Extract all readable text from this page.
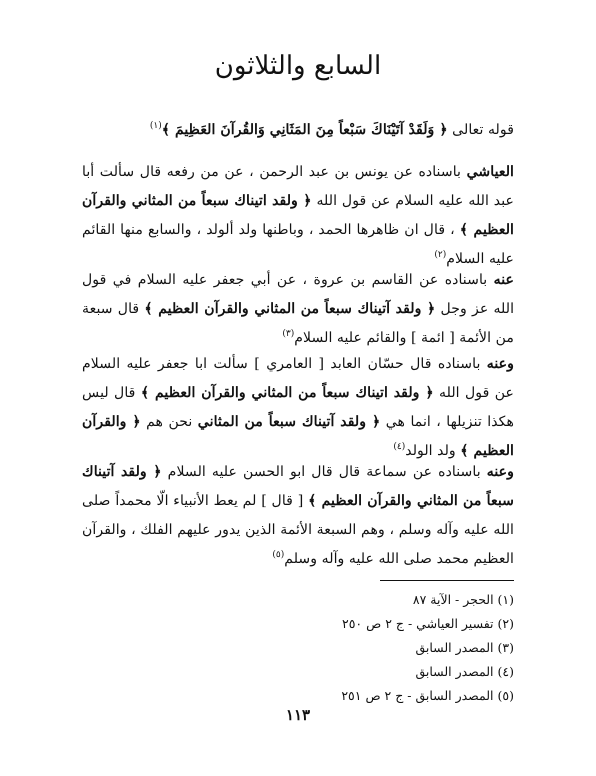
السابع والثلاثون

قوله تعالى ﴿ وَلَقَدْ آتَيْنَاكَ سَبْعاً مِنَ المَثَانِي وَالقُرآنَ العَظِيمَ ﴾$^{(١)}$

العياشي باسناده عن يونس بن عبد الرحمن ، عن من رفعه قال سألت أبا عبد الله عليه السلام عن قول الله ﴿ ولقد اتيناك سبعاً من المثاني والقرآن العظيم ﴾ ، قال ان ظاهرها الحمد ، وباطنها ولد ألولد ، والسابع منها القائم عليه السلام$^{(٢)}$

عنه باسناده عن القاسم بن عروة ، عن أبي جعفر عليه السلام في قول الله عز وجل ﴿ ولقد آتيناك سبعاً من المثاني والقرآن العظيم ﴾ قال سبعة من الأئمة [ ائمة ] والقائم عليه السلام$^{(٣)}$

وعنه باسناده قال حسّان العابد [ العامري ] سألت ابا جعفر عليه السلام عن قول الله ﴿ ولقد اتيناك سبعاً من المثاني والقرآن العظيم ﴾ قال ليس هكذا تنزيلها ، انما هي ﴿ ولقد آتيناك سبعاً من المثاني نحن هم ﴿ والقرآن العظيم ﴾ ولد الولد$^{(٤)}$

وعنه باسناده عن سماعة قال قال ابو الحسن عليه السلام ﴿ ولقد آتيناك سبعاً من المثاني والقرآن العظيم ﴾ [ قال ] لم يعط الأنبياء الّا محمداً صلى الله عليه وآله وسلم ، وهم السبعة الأئمة الذين يدور عليهم الفلك ، والقرآن العظيم محمد صلى الله عليه وآله وسلم$^{(٥)}$

(١) الحجر - الآية ٨٧
(٢) تفسير العياشي - ج ٢ ص ٢٥٠
(٣) المصدر السابق
(٤) المصدر السابق
(٥) المصدر السابق - ج ٢ ص ٢٥١
١١٣
